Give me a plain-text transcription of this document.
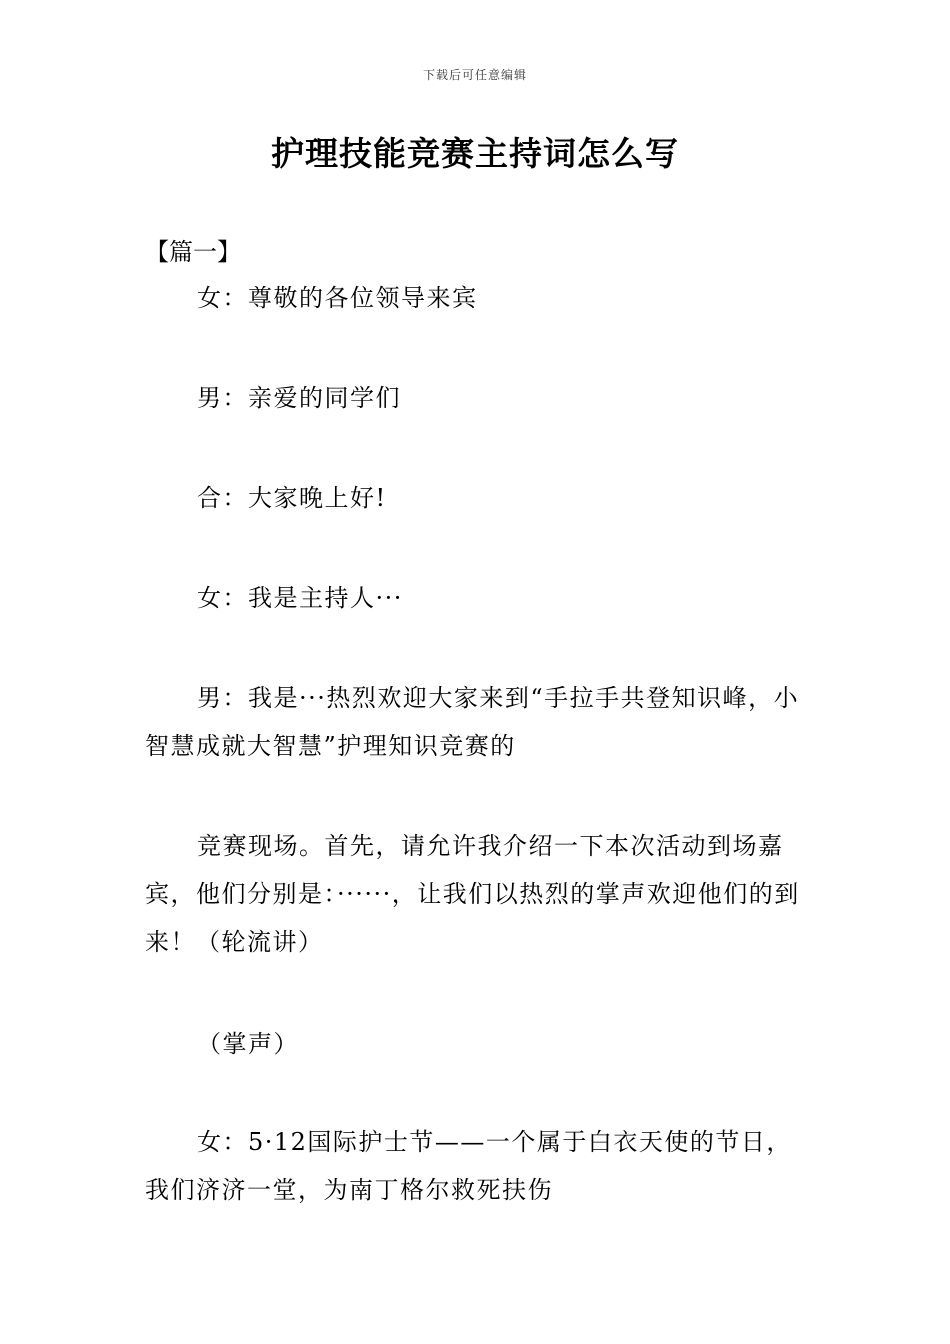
下载后可任意编辑
护理技能竞赛主持词怎么写
【篇一】
女：尊敬的各位领导来宾
男：亲爱的同学们
合：大家晚上好!
女：我是主持人···
男：我是···热烈欢迎大家来到“手拉手共登知识峰，小智慧成就大智慧”护理知识竞赛的
竞赛现场。首先，请允许我介绍一下本次活动到场嘉宾，他们分别是：······，让我们以热烈的掌声欢迎他们的到来！（轮流讲）
（掌声）
女：5·12国际护士节——一个属于白衣天使的节日，我们济济一堂，为南丁格尔救死扶伤
